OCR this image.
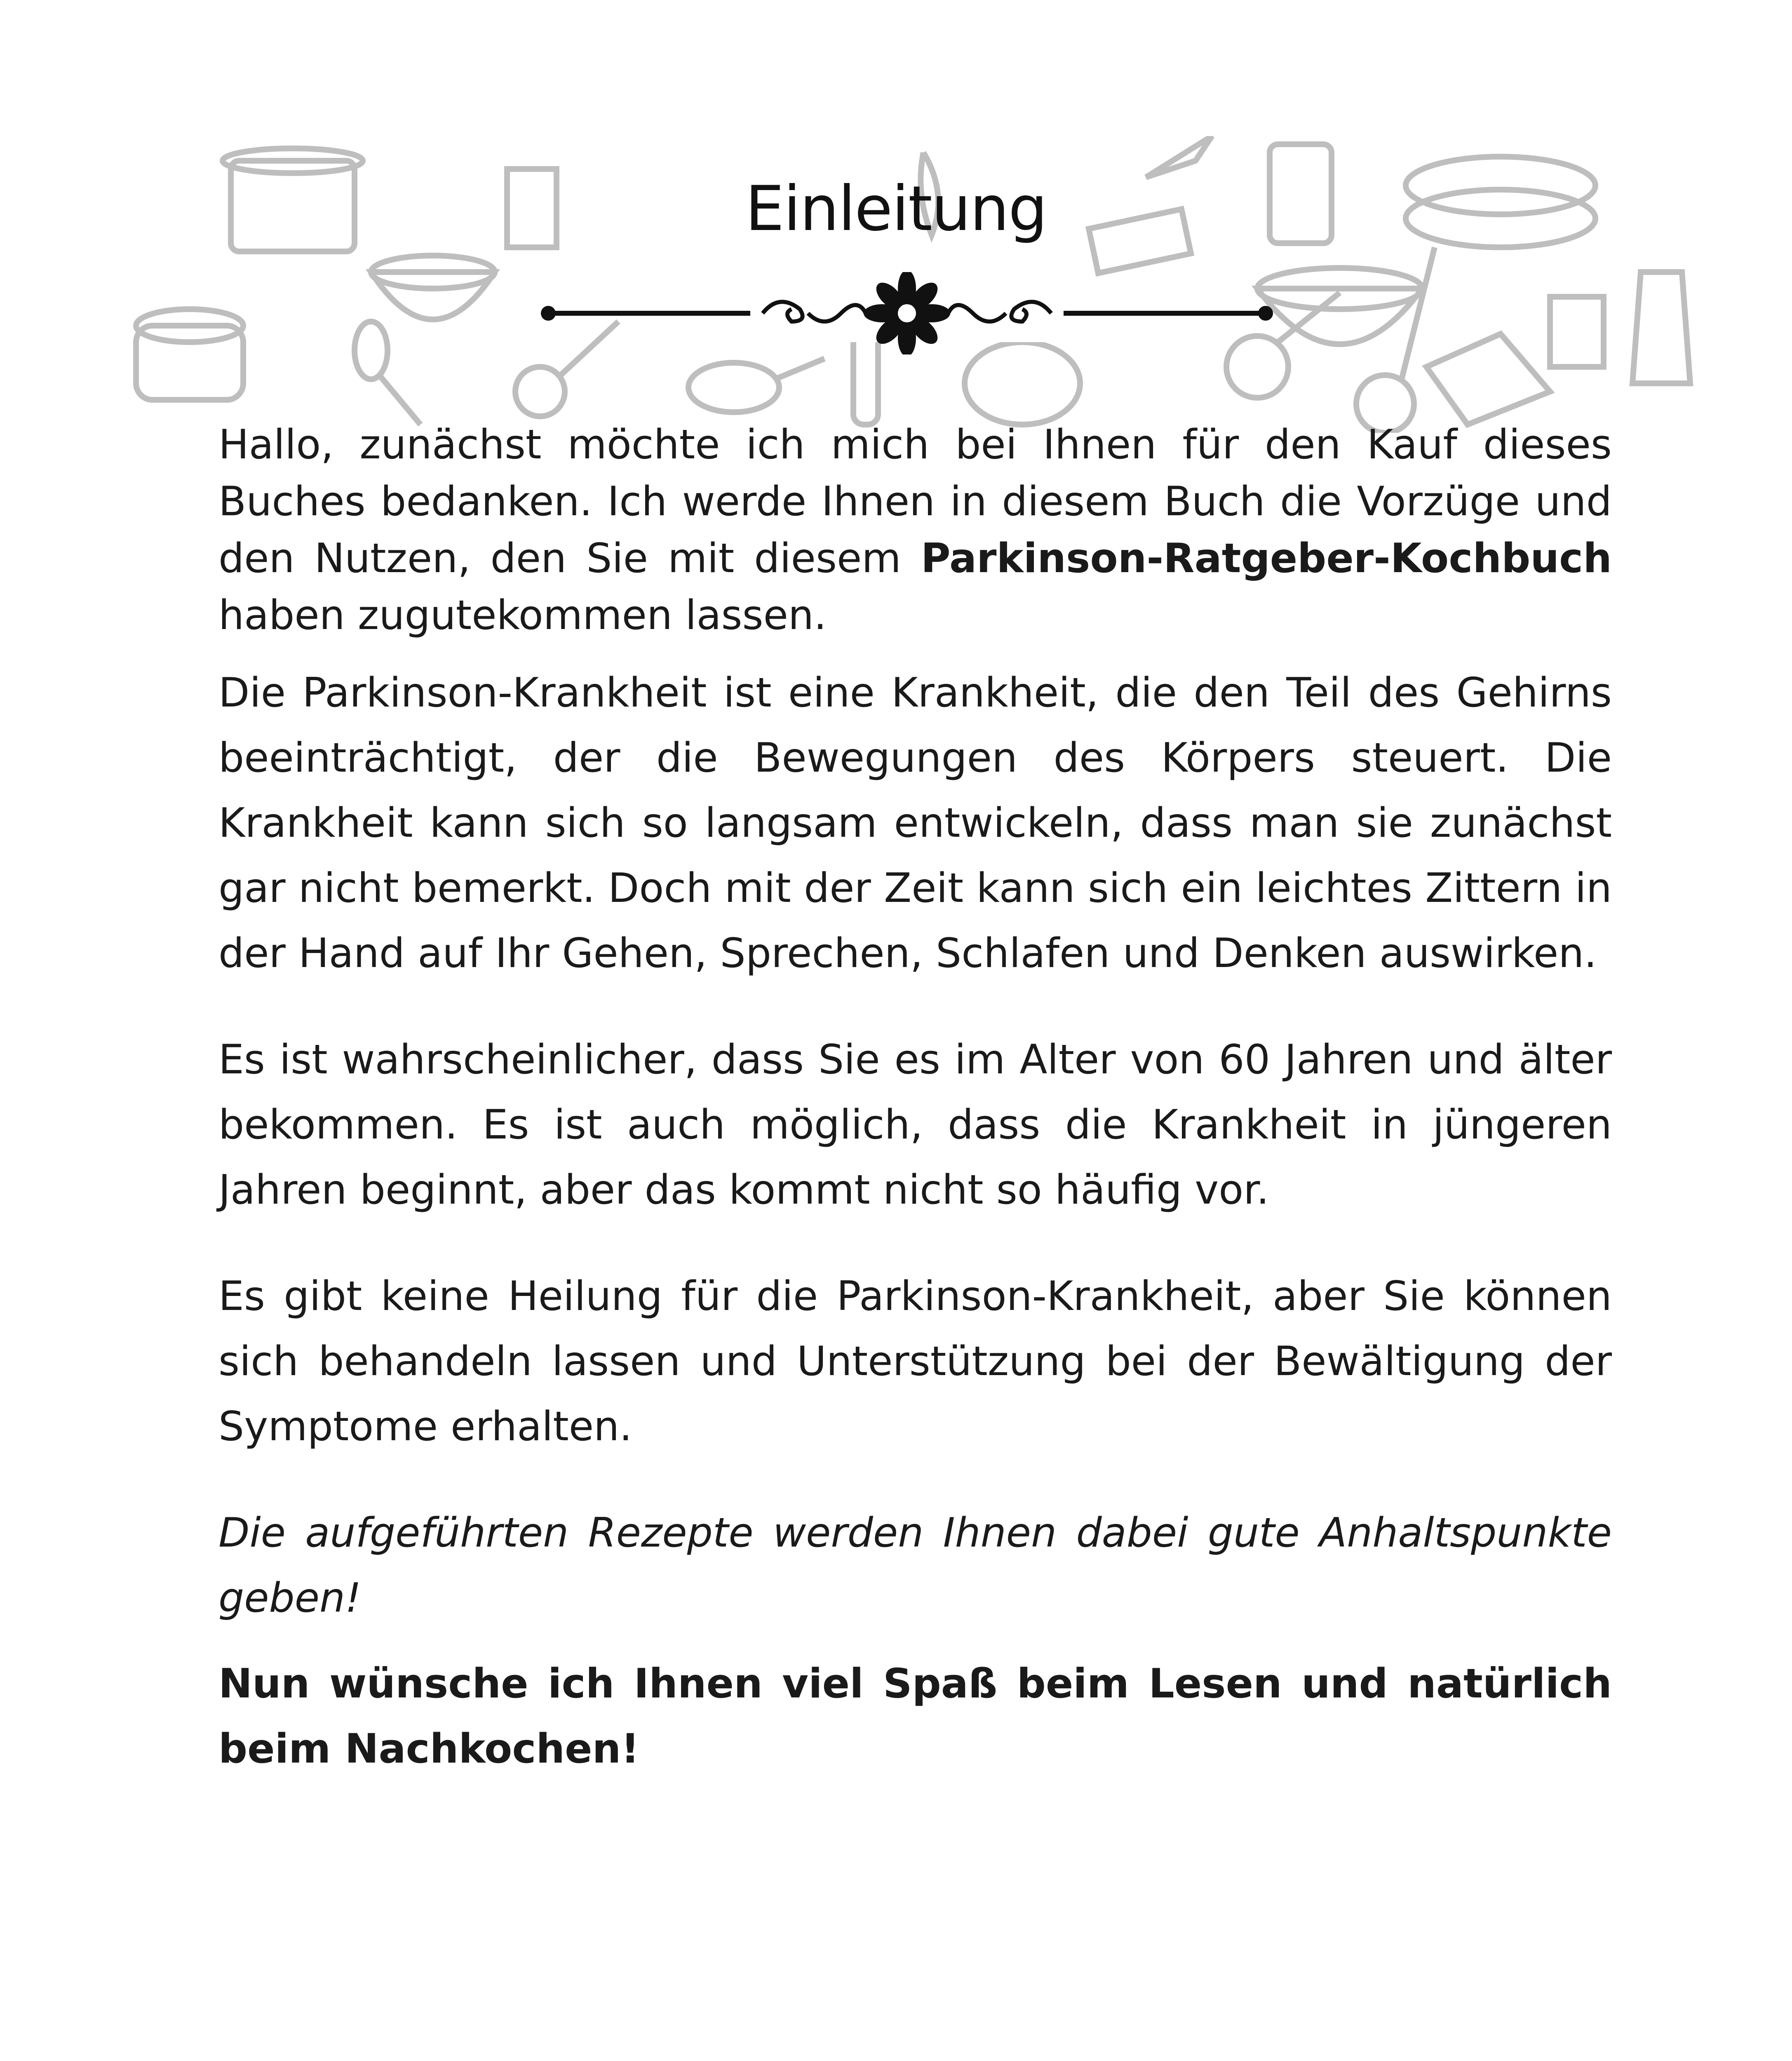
Einleitung

Hallo, zunächst möchte ich mich bei Ihnen für den Kauf dieses Buches bedanken. Ich werde Ihnen in diesem Buch die Vorzüge und den Nutzen, den Sie mit diesem Parkinson-Ratgeber-Kochbuch haben zugutekommen lassen.

Die Parkinson-Krankheit ist eine Krankheit, die den Teil des Gehirns beeinträchtigt, der die Bewegungen des Körpers steuert. Die Krankheit kann sich so langsam entwickeln, dass man sie zunächst gar nicht bemerkt. Doch mit der Zeit kann sich ein leichtes Zittern in der Hand auf Ihr Gehen, Sprechen, Schlafen und Denken auswirken.

Es ist wahrscheinlicher, dass Sie es im Alter von 60 Jahren und älter bekommen. Es ist auch möglich, dass die Krankheit in jüngeren Jahren beginnt, aber das kommt nicht so häufig vor.

Es gibt keine Heilung für die Parkinson-Krankheit, aber Sie können sich behandeln lassen und Unterstützung bei der Bewältigung der Symptome erhalten.

Die aufgeführten Rezepte werden Ihnen dabei gute Anhaltspunkte geben!

Nun wünsche ich Ihnen viel Spaß beim Lesen und natürlich beim Nachkochen!
